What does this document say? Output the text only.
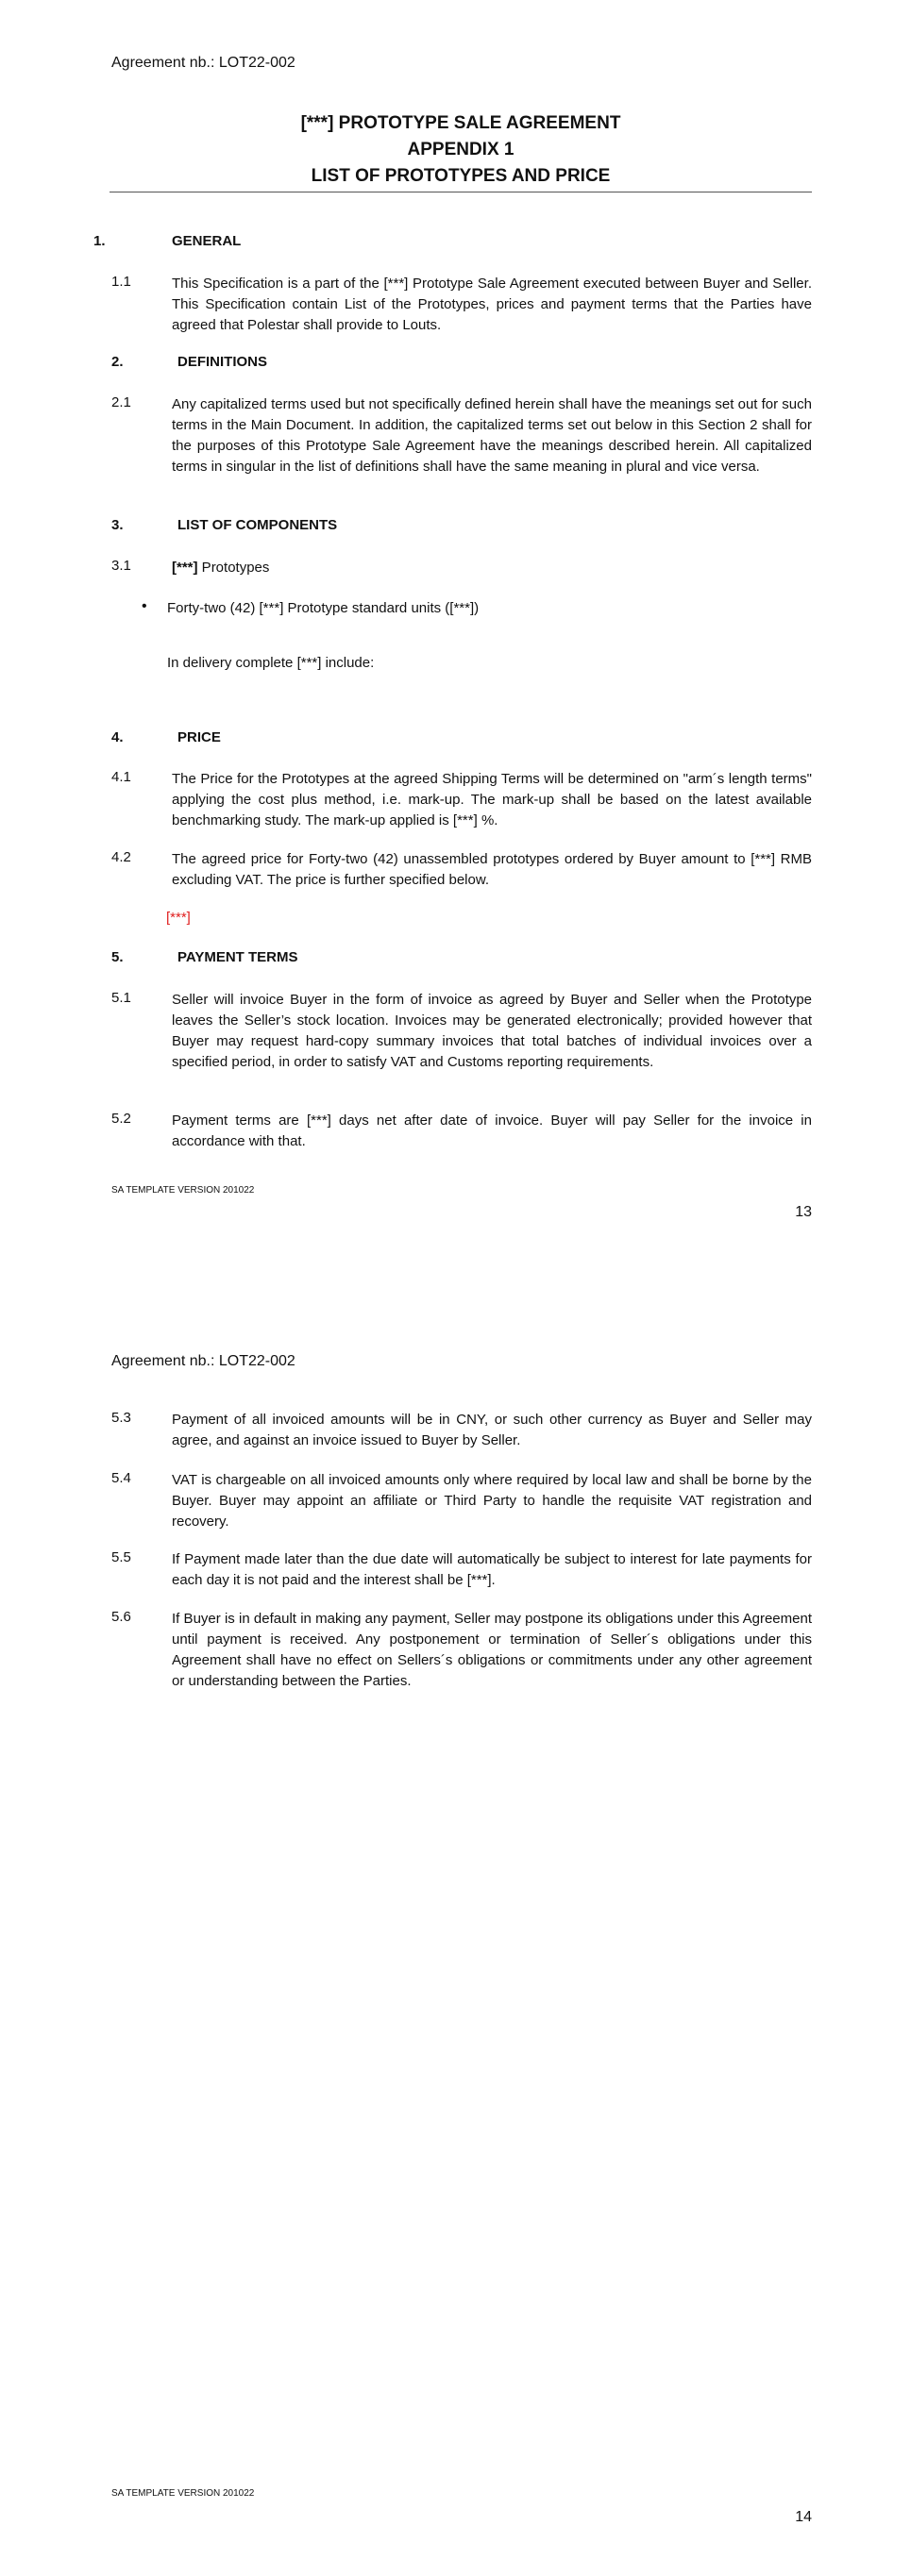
Agreement nb.: LOT22-002
[***] PROTOTYPE SALE AGREEMENT
APPENDIX 1
LIST OF PROTOTYPES AND PRICE
1.	GENERAL
1.1	This Specification is a part of the [***] Prototype Sale Agreement executed between Buyer and Seller. This Specification contain List of the Prototypes, prices and payment terms that the Parties have agreed that Polestar shall provide to Louts.
2.	DEFINITIONS
2.1	Any capitalized terms used but not specifically defined herein shall have the meanings set out for such terms in the Main Document. In addition, the capitalized terms set out below in this Section 2 shall for the purposes of this Prototype Sale Agreement have the meanings described herein. All capitalized terms in singular in the list of definitions shall have the same meaning in plural and vice versa.
3.	LIST OF COMPONENTS
3.1	[***] Prototypes
• Forty-two (42) [***] Prototype standard units ([***])
In delivery complete [***] include:
4.	PRICE
4.1	The Price for the Prototypes at the agreed Shipping Terms will be determined on "arm´s length terms" applying the cost plus method, i.e. mark-up. The mark-up shall be based on the latest available benchmarking study. The mark-up applied is [***] %.
4.2	The agreed price for Forty-two (42) unassembled prototypes ordered by Buyer amount to [***] RMB excluding VAT. The price is further specified below.
[***]
5.	PAYMENT TERMS
5.1	Seller will invoice Buyer in the form of invoice as agreed by Buyer and Seller when the Prototype leaves the Seller’s stock location. Invoices may be generated electronically; provided however that Buyer may request hard-copy summary invoices that total batches of individual invoices over a specified period, in order to satisfy VAT and Customs reporting requirements.
5.2	Payment terms are [***] days net after date of invoice. Buyer will pay Seller for the invoice in accordance with that.
SA TEMPLATE VERSION 201022
13
Agreement nb.: LOT22-002
5.3	Payment of all invoiced amounts will be in CNY, or such other currency as Buyer and Seller may agree, and against an invoice issued to Buyer by Seller.
5.4	VAT is chargeable on all invoiced amounts only where required by local law and shall be borne by the Buyer. Buyer may appoint an affiliate or Third Party to handle the requisite VAT registration and recovery.
5.5	If Payment made later than the due date will automatically be subject to interest for late payments for each day it is not paid and the interest shall be [***].
5.6	If Buyer is in default in making any payment, Seller may postpone its obligations under this Agreement until payment is received. Any postponement or termination of Seller´s obligations under this Agreement shall have no effect on Sellers´s obligations or commitments under any other agreement or understanding between the Parties.
SA TEMPLATE VERSION 201022
14
